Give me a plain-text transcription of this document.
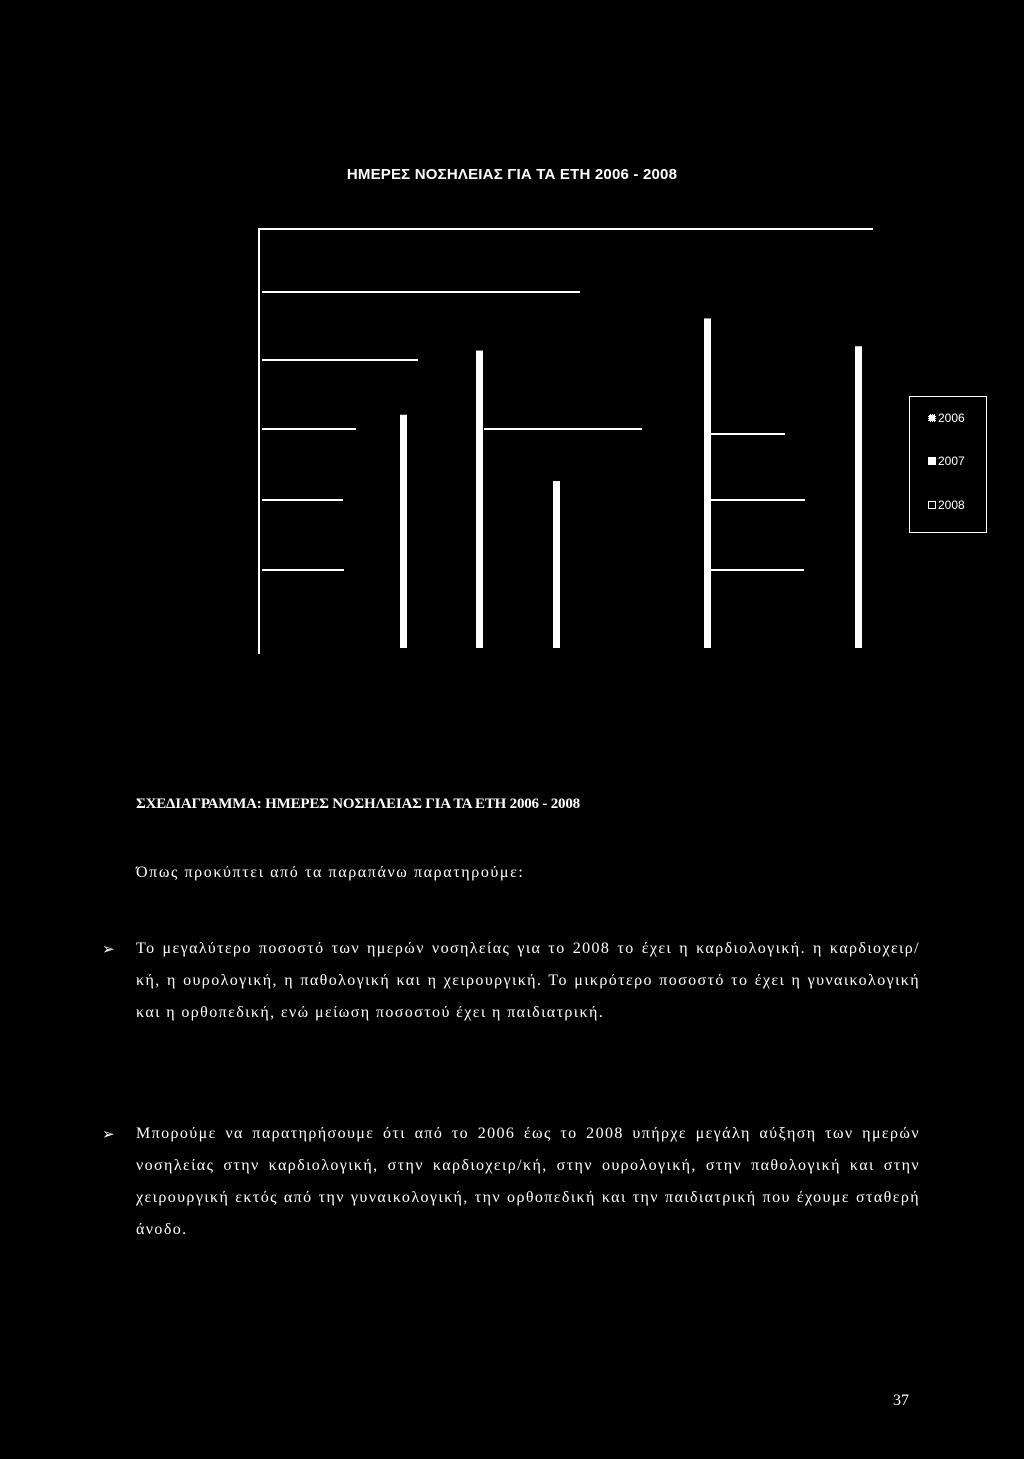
ΗΜΕΡΕΣ ΝΟΣΗΛΕΙΑΣ ΓΙΑ ΤΑ ΕΤΗ 2006 - 2008
2006
2007
2008
ΣΧΕΔΙΑΓΡΑΜΜΑ: ΗΜΕΡΕΣ ΝΟΣΗΛΕΙΑΣ ΓΙΑ ΤΑ ΕΤΗ 2006 - 2008
Όπως προκύπτει από τα παραπάνω παρατηρούμε:
➢ Το μεγαλύτερο ποσοστό των ημερών νοσηλείας για το 2008 το έχει η καρδιολογική. η καρδιοχειρ/κή, η ουρολογική, η παθολογική και η χειρουργική. Το μικρότερο ποσοστό το έχει η γυναικολογική και η ορθοπεδική, ενώ μείωση ποσοστού έχει η παιδιατρική.
➢ Μπορούμε να παρατηρήσουμε ότι από το 2006 έως το 2008 υπήρχε μεγάλη αύξηση των ημερών νοσηλείας στην καρδιολογική, στην καρδιοχειρ/κή, στην ουρολογική, στην παθολογική και στην χειρουργική εκτός από την γυναικολογική, την ορθοπεδική και την παιδιατρική που έχουμε σταθερή άνοδο.
37
